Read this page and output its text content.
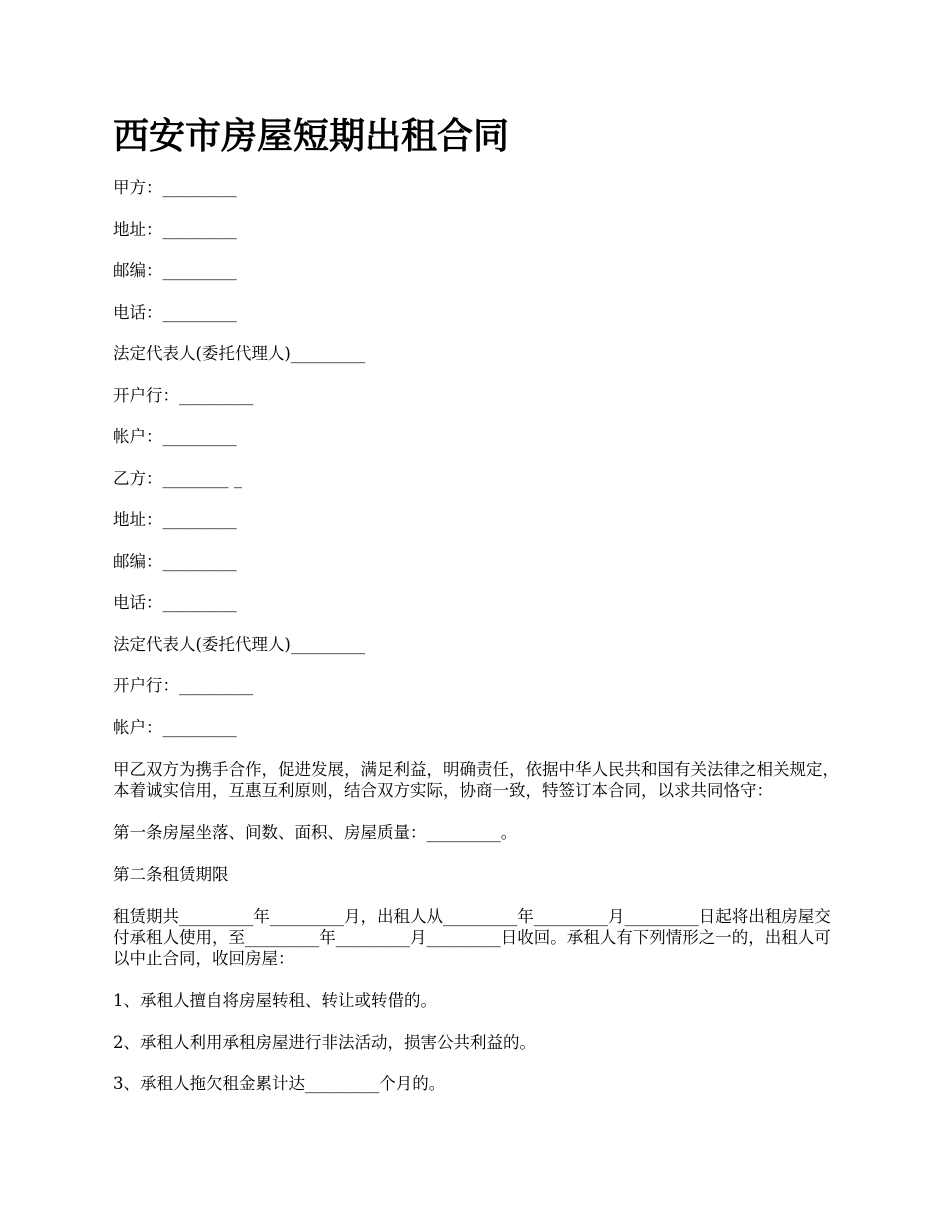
西安市房屋短期出租合同
甲方：_________
地址：_________
邮编：_________
电话：_________
法定代表人(委托代理人)_________
开户行：_________
帐户：_________
乙方：________ _
地址：_________
邮编：_________
电话：_________
法定代表人(委托代理人)_________
开户行：_________
帐户：_________

甲乙双方为携手合作，促进发展，满足利益，明确责任，依据中华人民共和国有关法律之相关规定，本着诚实信用，互惠互利原则，结合双方实际，协商一致，特签订本合同，以求共同恪守：

第一条房屋坐落、间数、面积、房屋质量：_________。
第二条租赁期限

租赁期共_________年_________月，出租人从_________年_________月_________日起将出租房屋交付承租人使用，至_________年_________月_________日收回。承租人有下列情形之一的，出租人可以中止合同，收回房屋：

1、承租人擅自将房屋转租、转让或转借的。
2、承租人利用承租房屋进行非法活动，损害公共利益的。
3、承租人拖欠租金累计达_________个月的。
